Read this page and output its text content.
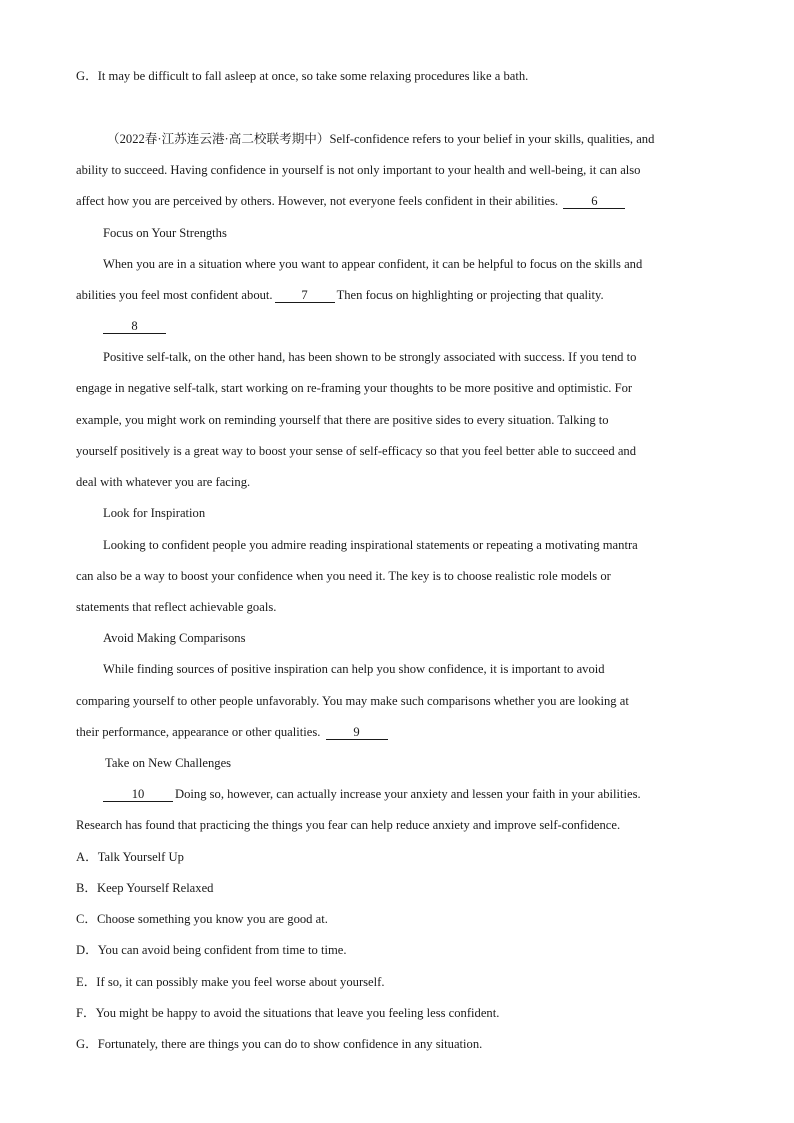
G．It may be difficult to fall asleep at once, so take some relaxing procedures like a bath.
（2022春·江苏连云港·高二校联考期中）Self-confidence refers to your belief in your skills, qualities, and
ability to succeed. Having confidence in yourself is not only important to your health and well-being, it can also
affect how you are perceived by others. However, not everyone feels confident in their abilities.	6
Focus on Your Strengths
When you are in a situation where you want to appear confident, it can be helpful to focus on the skills and
abilities you feel most confident about. 7 Then focus on highlighting or projecting that quality.
8
Positive self-talk, on the other hand, has been shown to be strongly associated with success. If you tend to
engage in negative self-talk, start working on re-framing your thoughts to be more positive and optimistic. For
example, you might work on reminding yourself that there are positive sides to every situation. Talking to
yourself positively is a great way to boost your sense of self-efficacy so that you feel better able to succeed and
deal with whatever you are facing.
Look for Inspiration
Looking to confident people you admire reading inspirational statements or repeating a motivating mantra
can also be a way to boost your confidence when you need it. The key is to choose realistic role models or
statements that reflect achievable goals.
Avoid Making Comparisons
While finding sources of positive inspiration can help you show confidence, it is important to avoid
comparing yourself to other people unfavorably. You may make such comparisons whether you are looking at
their performance, appearance or other qualities.	9
Take on New Challenges
10 Doing so, however, can actually increase your anxiety and lessen your faith in your abilities.
Research has found that practicing the things you fear can help reduce anxiety and improve self-confidence.
A．Talk Yourself Up
B．Keep Yourself Relaxed
C．Choose something you know you are good at.
D．You can avoid being confident from time to time.
E．If so, it can possibly make you feel worse about yourself.
F．You might be happy to avoid the situations that leave you feeling less confident.
G．Fortunately, there are things you can do to show confidence in any situation.
